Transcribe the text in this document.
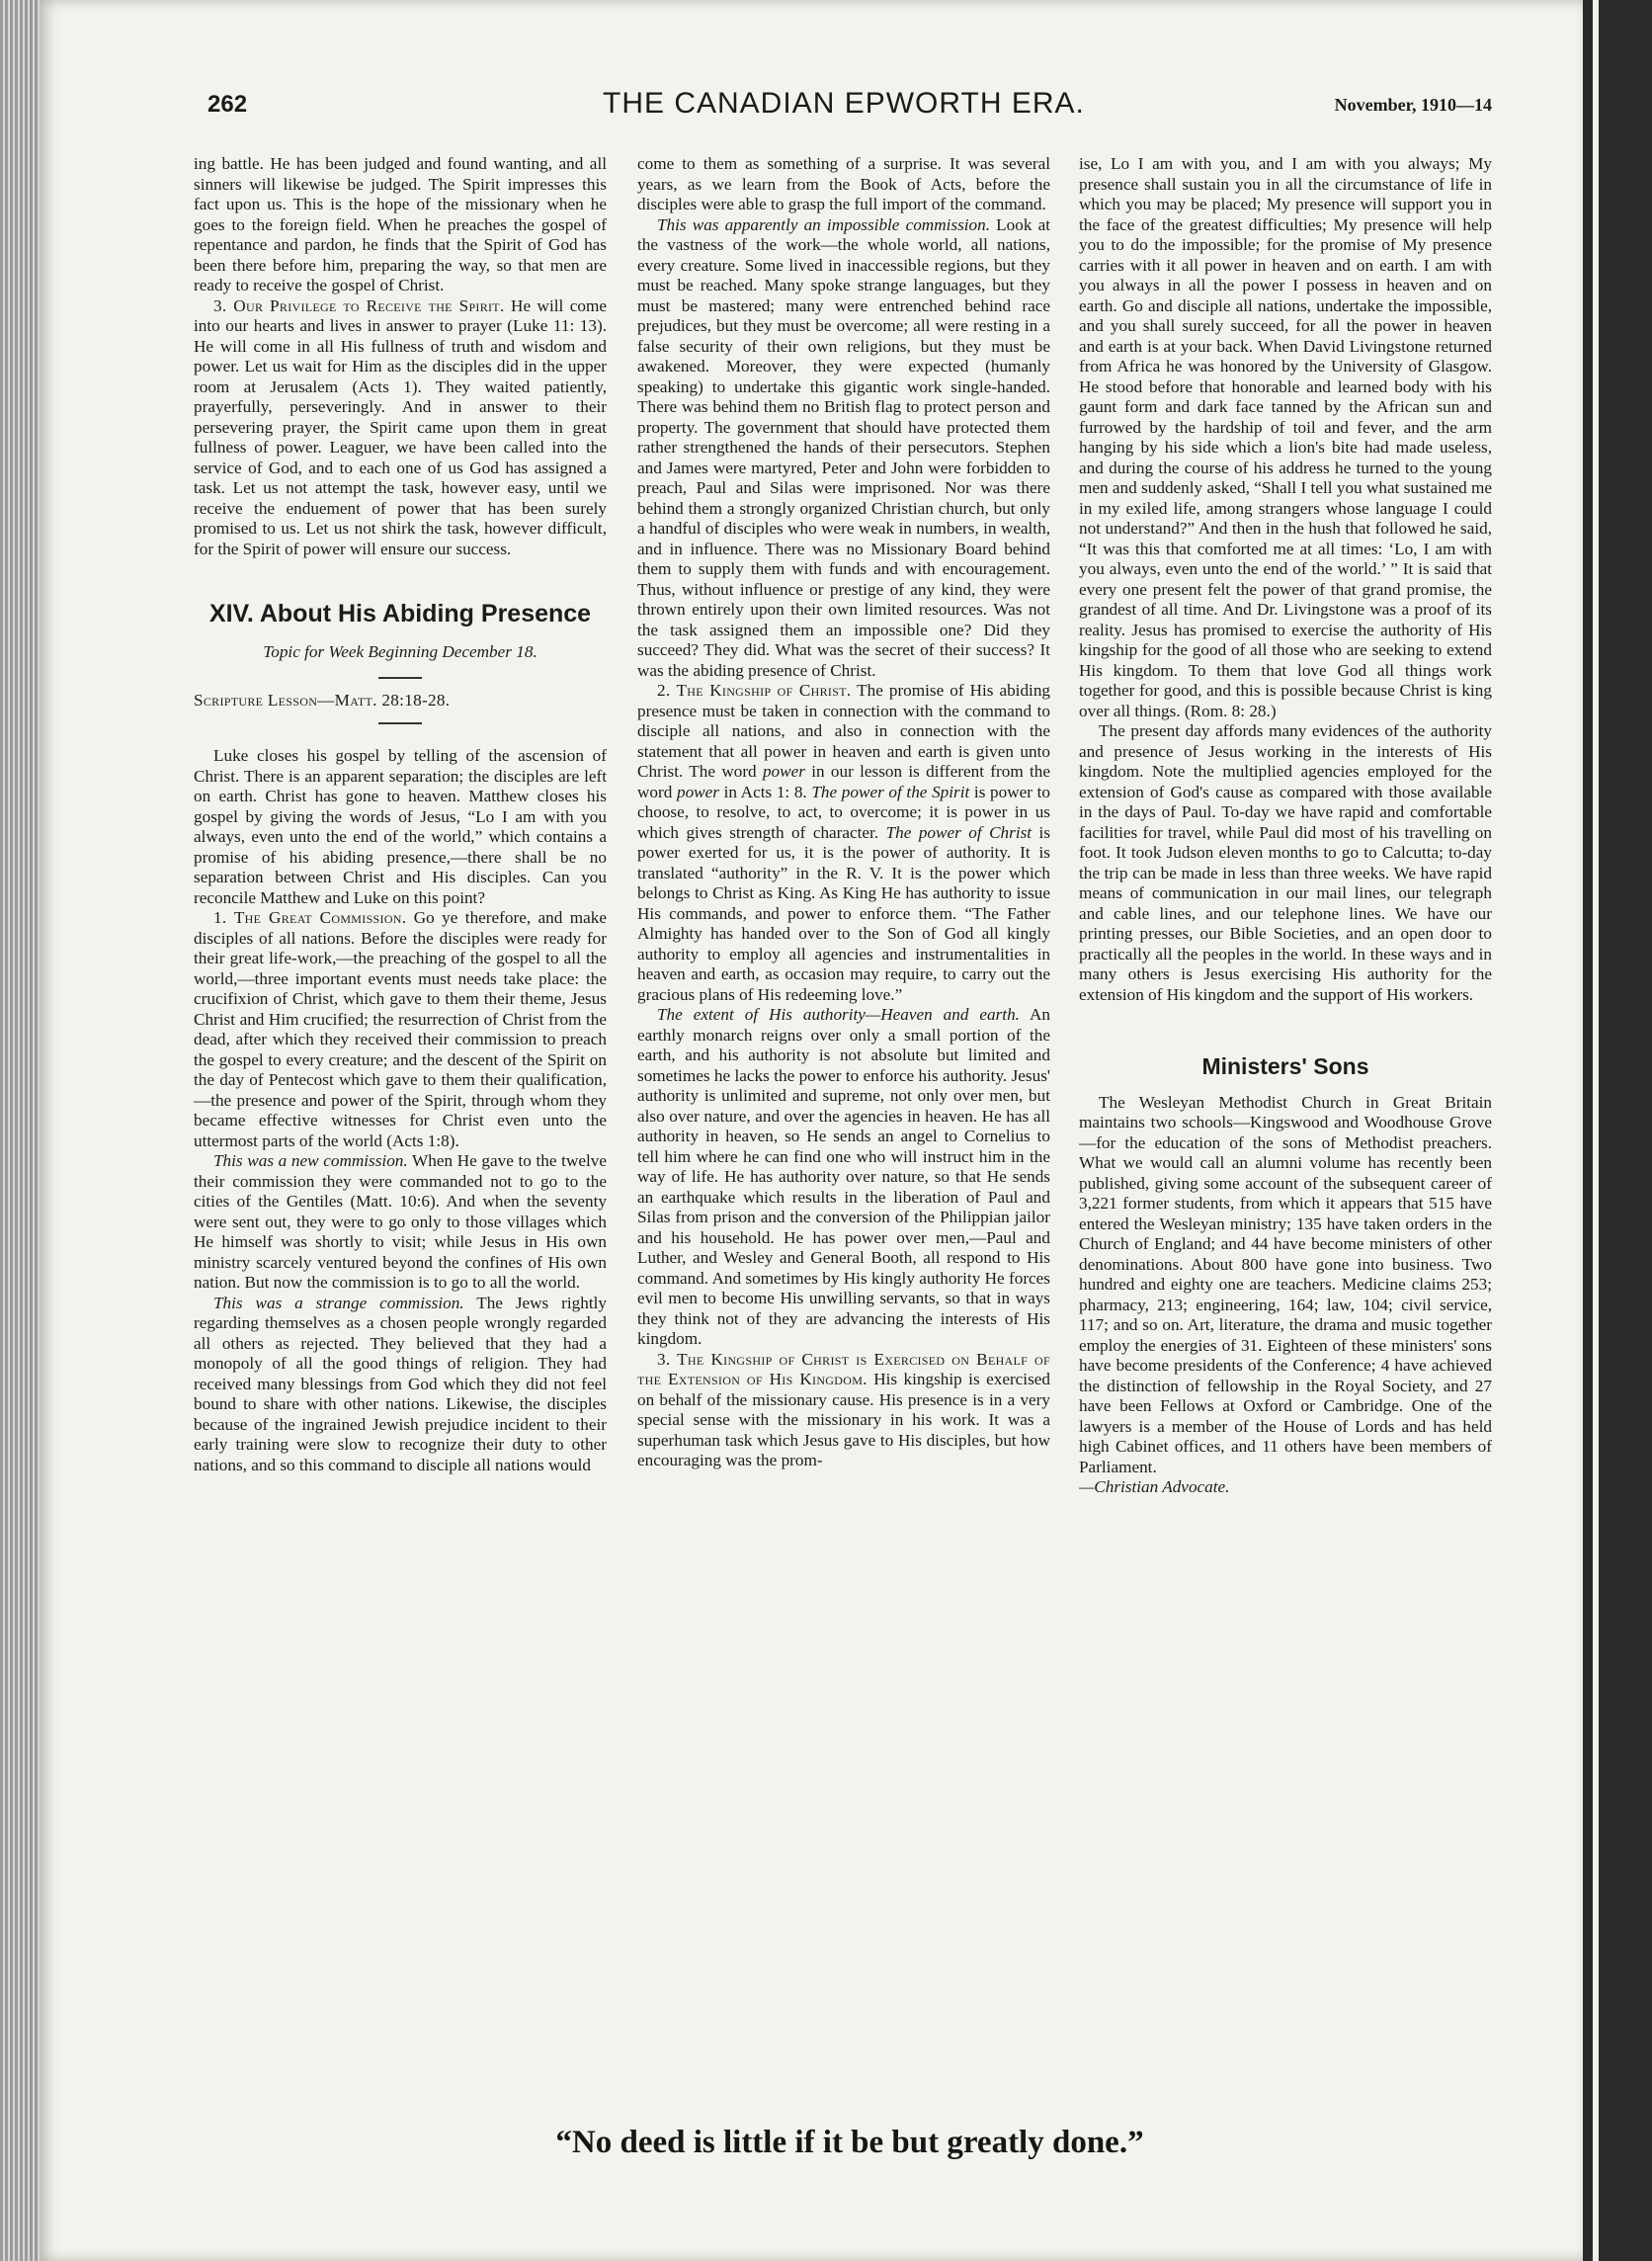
262	THE CANADIAN EPWORTH ERA.	November, 1910—14

ing battle. He has been judged and found wanting, and all sinners will likewise be judged. The Spirit impresses this fact upon us. This is the hope of the missionary when he goes to the foreign field. When he preaches the gospel of repentance and pardon, he finds that the Spirit of God has been there before him, preparing the way, so that men are ready to receive the gospel of Christ.

3. Our Privilege to Receive the Spirit. He will come into our hearts and lives in answer to prayer (Luke 11: 13). He will come in all His fullness of truth and wisdom and power. Let us wait for Him as the disciples did in the upper room at Jerusalem (Acts 1). They waited patiently, prayerfully, perseveringly. And in answer to their persevering prayer, the Spirit came upon them in great fullness of power. Leaguer, we have been called into the service of God, and to each one of us God has assigned a task. Let us not attempt the task, however easy, until we receive the enduement of power that has been surely promised to us. Let us not shirk the task, however difficult, for the Spirit of power will ensure our success.

XIV. About His Abiding Presence

Topic for Week Beginning December 18.

Scripture Lesson—Matt. 28:18-28.

Luke closes his gospel by telling of the ascension of Christ. There is an apparent separation; the disciples are left on earth. Christ has gone to heaven. Matthew closes his gospel by giving the words of Jesus, “Lo I am with you always, even unto the end of the world,” which contains a promise of his abiding presence,—there shall be no separation between Christ and His disciples. Can you reconcile Matthew and Luke on this point?

1. The Great Commission. Go ye therefore, and make disciples of all nations. Before the disciples were ready for their great life-work,—the preaching of the gospel to all the world,—three important events must needs take place: the crucifixion of Christ, which gave to them their theme, Jesus Christ and Him crucified; the resurrection of Christ from the dead, after which they received their commission to preach the gospel to every creature; and the descent of the Spirit on the day of Pentecost which gave to them their qualification,—the presence and power of the Spirit, through whom they became effective witnesses for Christ even unto the uttermost parts of the world (Acts 1:8).

This was a new commission. When He gave to the twelve their commission they were commanded not to go to the cities of the Gentiles (Matt. 10:6). And when the seventy were sent out, they were to go only to those villages which He himself was shortly to visit; while Jesus in His own ministry scarcely ventured beyond the confines of His own nation. But now the commission is to go to all the world.

This was a strange commission. The Jews rightly regarding themselves as a chosen people wrongly regarded all others as rejected. They believed that they had a monopoly of all the good things of religion. They had received many blessings from God which they did not feel bound to share with other nations. Likewise, the disciples because of the ingrained Jewish prejudice incident to their early training were slow to recognize their duty to other nations, and so this command to disciple all nations would

come to them as something of a surprise. It was several years, as we learn from the Book of Acts, before the disciples were able to grasp the full import of the command.

This was apparently an impossible commission. Look at the vastness of the work—the whole world, all nations, every creature. Some lived in inaccessible regions, but they must be reached. Many spoke strange languages, but they must be mastered; many were entrenched behind race prejudices, but they must be overcome; all were resting in a false security of their own religions, but they must be awakened. Moreover, they were expected (humanly speaking) to undertake this gigantic work single-handed. There was behind them no British flag to protect person and property. The government that should have protected them rather strengthened the hands of their persecutors. Stephen and James were martyred, Peter and John were forbidden to preach, Paul and Silas were imprisoned. Nor was there behind them a strongly organized Christian church, but only a handful of disciples who were weak in numbers, in wealth, and in influence. There was no Missionary Board behind them to supply them with funds and with encouragement. Thus, without influence or prestige of any kind, they were thrown entirely upon their own limited resources. Was not the task assigned them an impossible one? Did they succeed? They did. What was the secret of their success? It was the abiding presence of Christ.

2. The Kingship of Christ. The promise of His abiding presence must be taken in connection with the command to disciple all nations, and also in connection with the statement that all power in heaven and earth is given unto Christ. The word power in our lesson is different from the word power in Acts 1: 8. The power of the Spirit is power to choose, to resolve, to act, to overcome; it is power in us which gives strength of character. The power of Christ is power exerted for us, it is the power of authority. It is translated “authority” in the R. V. It is the power which belongs to Christ as King. As King He has authority to issue His commands, and power to enforce them. “The Father Almighty has handed over to the Son of God all kingly authority to employ all agencies and instrumentalities in heaven and earth, as occasion may require, to carry out the gracious plans of His redeeming love.”

The extent of His authority—Heaven and earth. An earthly monarch reigns over only a small portion of the earth, and his authority is not absolute but limited and sometimes he lacks the power to enforce his authority. Jesus' authority is unlimited and supreme, not only over men, but also over nature, and over the agencies in heaven. He has all authority in heaven, so He sends an angel to Cornelius to tell him where he can find one who will instruct him in the way of life. He has authority over nature, so that He sends an earthquake which results in the liberation of Paul and Silas from prison and the conversion of the Philippian jailor and his household. He has power over men,—Paul and Luther, and Wesley and General Booth, all respond to His command. And sometimes by His kingly authority He forces evil men to become His unwilling servants, so that in ways they think not of they are advancing the interests of His kingdom.

3. The Kingship of Christ is Exercised on Behalf of the Extension of His Kingdom. His kingship is exercised on behalf of the missionary cause. His presence is in a very special sense with the missionary in his work. It was a superhuman task which Jesus gave to His disciples, but how encouraging was the prom-

ise, Lo I am with you, and I am with you always; My presence shall sustain you in all the circumstance of life in which you may be placed; My presence will support you in the face of the greatest difficulties; My presence will help you to do the impossible; for the promise of My presence carries with it all power in heaven and on earth. I am with you always in all the power I possess in heaven and on earth. Go and disciple all nations, undertake the impossible, and you shall surely succeed, for all the power in heaven and earth is at your back. When David Livingstone returned from Africa he was honored by the University of Glasgow. He stood before that honorable and learned body with his gaunt form and dark face tanned by the African sun and furrowed by the hardship of toil and fever, and the arm hanging by his side which a lion's bite had made useless, and during the course of his address he turned to the young men and suddenly asked, “Shall I tell you what sustained me in my exiled life, among strangers whose language I could not understand?” And then in the hush that followed he said, “It was this that comforted me at all times: ‘Lo, I am with you always, even unto the end of the world.’ ” It is said that every one present felt the power of that grand promise, the grandest of all time. And Dr. Livingstone was a proof of its reality. Jesus has promised to exercise the authority of His kingship for the good of all those who are seeking to extend His kingdom. To them that love God all things work together for good, and this is possible because Christ is king over all things. (Rom. 8: 28.)

The present day affords many evidences of the authority and presence of Jesus working in the interests of His kingdom. Note the multiplied agencies employed for the extension of God's cause as compared with those available in the days of Paul. To-day we have rapid and comfortable facilities for travel, while Paul did most of his travelling on foot. It took Judson eleven months to go to Calcutta; to-day the trip can be made in less than three weeks. We have rapid means of communication in our mail lines, our telegraph and cable lines, and our telephone lines. We have our printing presses, our Bible Societies, and an open door to practically all the peoples in the world. In these ways and in many others is Jesus exercising His authority for the extension of His kingdom and the support of His workers.

Ministers' Sons

The Wesleyan Methodist Church in Great Britain maintains two schools—Kingswood and Woodhouse Grove—for the education of the sons of Methodist preachers. What we would call an alumni volume has recently been published, giving some account of the subsequent career of 3,221 former students, from which it appears that 515 have entered the Wesleyan ministry; 135 have taken orders in the Church of England; and 44 have become ministers of other denominations. About 800 have gone into business. Two hundred and eighty one are teachers. Medicine claims 253; pharmacy, 213; engineering, 164; law, 104; civil service, 117; and so on. Art, literature, the drama and music together employ the energies of 31. Eighteen of these ministers' sons have become presidents of the Conference; 4 have achieved the distinction of fellowship in the Royal Society, and 27 have been Fellows at Oxford or Cambridge. One of the lawyers is a member of the House of Lords and has held high Cabinet offices, and 11 others have been members of Parliament.

—Christian Advocate.

“No deed is little if it be but greatly done.”
